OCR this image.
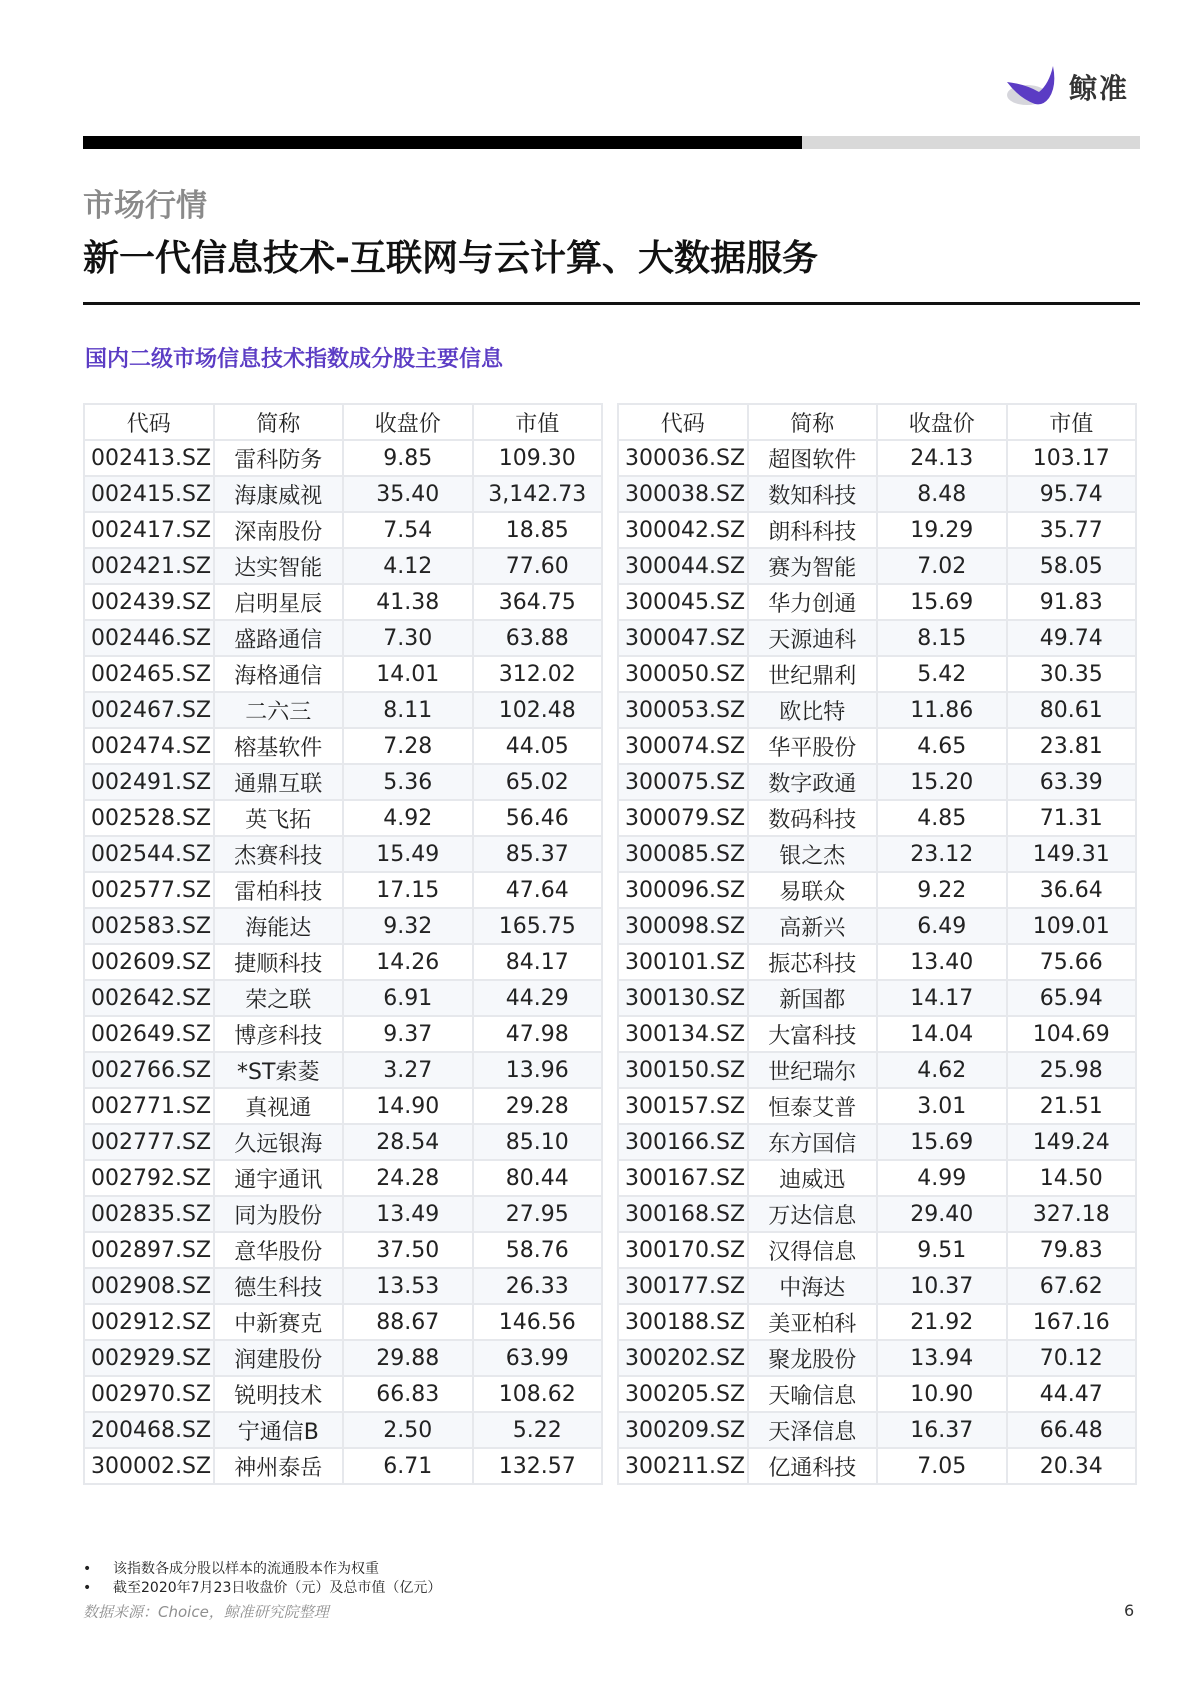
鲸准
市场行情
新一代信息技术-互联网与云计算、大数据服务
国内二级市场信息技术指数成分股主要信息
代码	简称	收盘价	市值
002413.SZ	雷科防务	9.85	109.30
002415.SZ	海康威视	35.40	3,142.73
002417.SZ	深南股份	7.54	18.85
002421.SZ	达实智能	4.12	77.60
002439.SZ	启明星辰	41.38	364.75
002446.SZ	盛路通信	7.30	63.88
002465.SZ	海格通信	14.01	312.02
002467.SZ	二六三	8.11	102.48
002474.SZ	榕基软件	7.28	44.05
002491.SZ	通鼎互联	5.36	65.02
002528.SZ	英飞拓	4.92	56.46
002544.SZ	杰赛科技	15.49	85.37
002577.SZ	雷柏科技	17.15	47.64
002583.SZ	海能达	9.32	165.75
002609.SZ	捷顺科技	14.26	84.17
002642.SZ	荣之联	6.91	44.29
002649.SZ	博彦科技	9.37	47.98
002766.SZ	*ST索菱	3.27	13.96
002771.SZ	真视通	14.90	29.28
002777.SZ	久远银海	28.54	85.10
002792.SZ	通宇通讯	24.28	80.44
002835.SZ	同为股份	13.49	27.95
002897.SZ	意华股份	37.50	58.76
002908.SZ	德生科技	13.53	26.33
002912.SZ	中新赛克	88.67	146.56
002929.SZ	润建股份	29.88	63.99
002970.SZ	锐明技术	66.83	108.62
200468.SZ	宁通信B	2.50	5.22
300002.SZ	神州泰岳	6.71	132.57
代码	简称	收盘价	市值
300036.SZ	超图软件	24.13	103.17
300038.SZ	数知科技	8.48	95.74
300042.SZ	朗科科技	19.29	35.77
300044.SZ	赛为智能	7.02	58.05
300045.SZ	华力创通	15.69	91.83
300047.SZ	天源迪科	8.15	49.74
300050.SZ	世纪鼎利	5.42	30.35
300053.SZ	欧比特	11.86	80.61
300074.SZ	华平股份	4.65	23.81
300075.SZ	数字政通	15.20	63.39
300079.SZ	数码科技	4.85	71.31
300085.SZ	银之杰	23.12	149.31
300096.SZ	易联众	9.22	36.64
300098.SZ	高新兴	6.49	109.01
300101.SZ	振芯科技	13.40	75.66
300130.SZ	新国都	14.17	65.94
300134.SZ	大富科技	14.04	104.69
300150.SZ	世纪瑞尔	4.62	25.98
300157.SZ	恒泰艾普	3.01	21.51
300166.SZ	东方国信	15.69	149.24
300167.SZ	迪威迅	4.99	14.50
300168.SZ	万达信息	29.40	327.18
300170.SZ	汉得信息	9.51	79.83
300177.SZ	中海达	10.37	67.62
300188.SZ	美亚柏科	21.92	167.16
300202.SZ	聚龙股份	13.94	70.12
300205.SZ	天喻信息	10.90	44.47
300209.SZ	天泽信息	16.37	66.48
300211.SZ	亿通科技	7.05	20.34
• 该指数各成分股以样本的流通股本作为权重
• 截至2020年7月23日收盘价（元）及总市值（亿元）
数据来源：Choice，鲸准研究院整理	6
